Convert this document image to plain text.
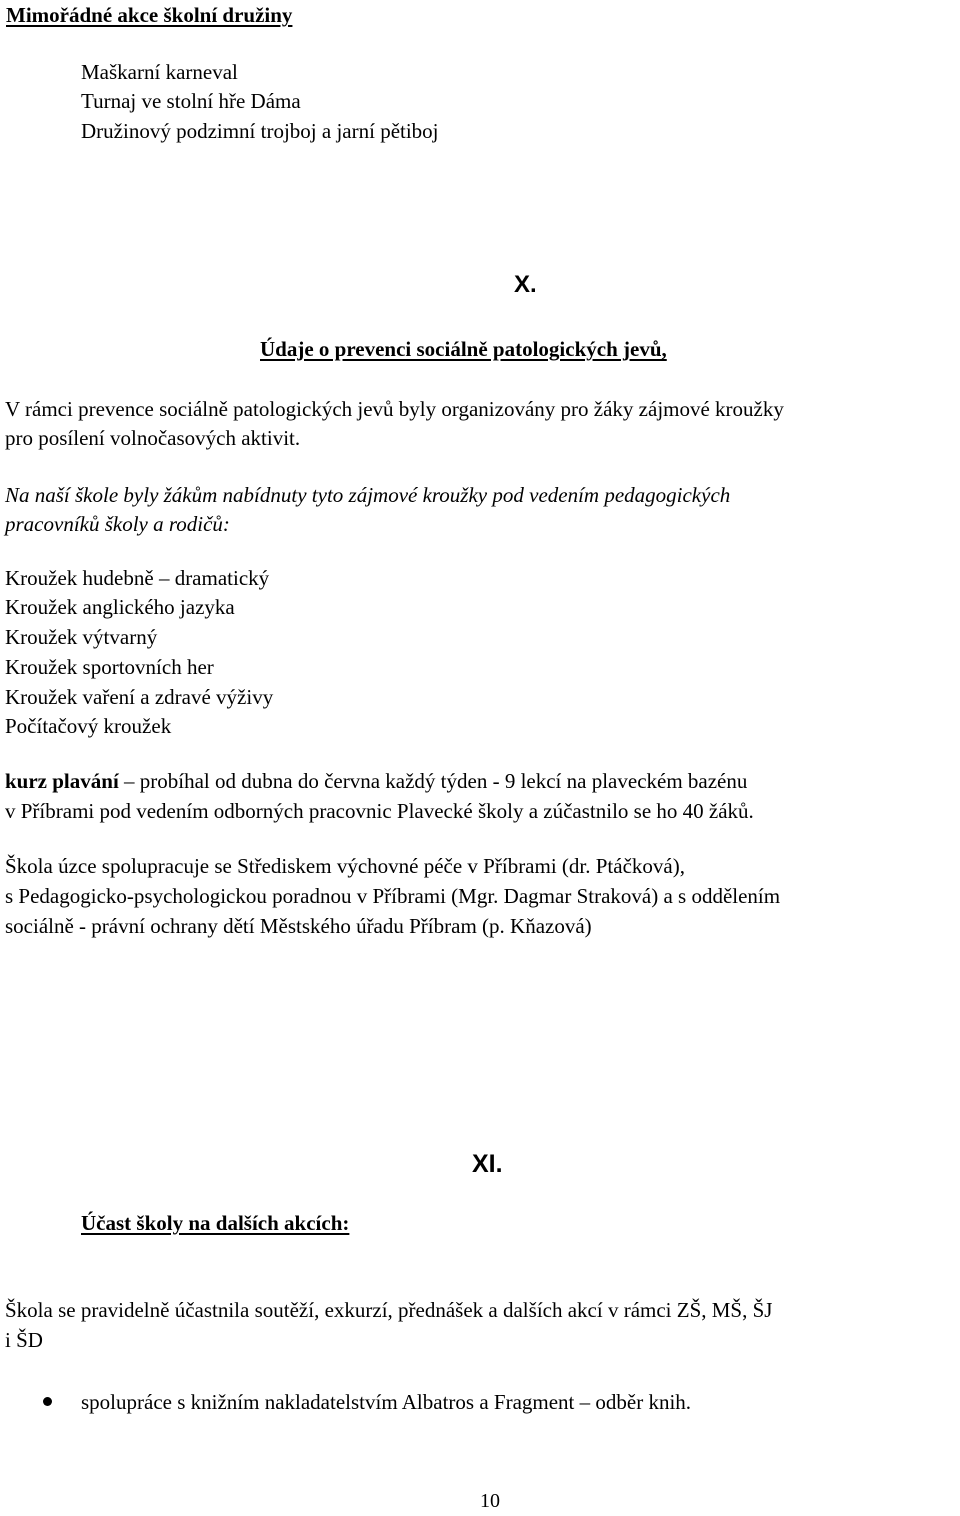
Mimořádné akce školní družiny
Maškarní karneval
Turnaj ve stolní hře Dáma
Družinový podzimní trojboj a jarní pětiboj
X.
Údaje o prevenci sociálně patologických jevů,
V rámci prevence sociálně patologických jevů byly organizovány pro žáky zájmové kroužky
pro posílení volnočasových aktivit.
Na naší škole byly žákům nabídnuty tyto zájmové kroužky pod vedením pedagogických
pracovníků školy a rodičů:
Kroužek hudebně – dramatický
Kroužek anglického jazyka
Kroužek výtvarný
Kroužek sportovních her
Kroužek vaření a zdravé výživy
Počítačový kroužek
kurz plavání – probíhal od dubna do června každý týden - 9 lekcí na plaveckém bazénu
v Příbrami pod vedením odborných pracovnic Plavecké školy a zúčastnilo se ho 40 žáků.
Škola úzce spolupracuje se Střediskem výchovné péče v Příbrami (dr. Ptáčková),
s Pedagogicko-psychologickou poradnou v Příbrami (Mgr. Dagmar Straková) a s oddělením
sociálně - právní ochrany dětí Městského úřadu Příbram (p. Kňazová)
XI.
Účast školy na dalších akcích:
Škola se pravidelně účastnila soutěží, exkurzí, přednášek a dalších akcí v rámci ZŠ, MŠ, ŠJ
i ŠD
spolupráce s knižním nakladatelstvím Albatros a Fragment – odběr knih.
10
